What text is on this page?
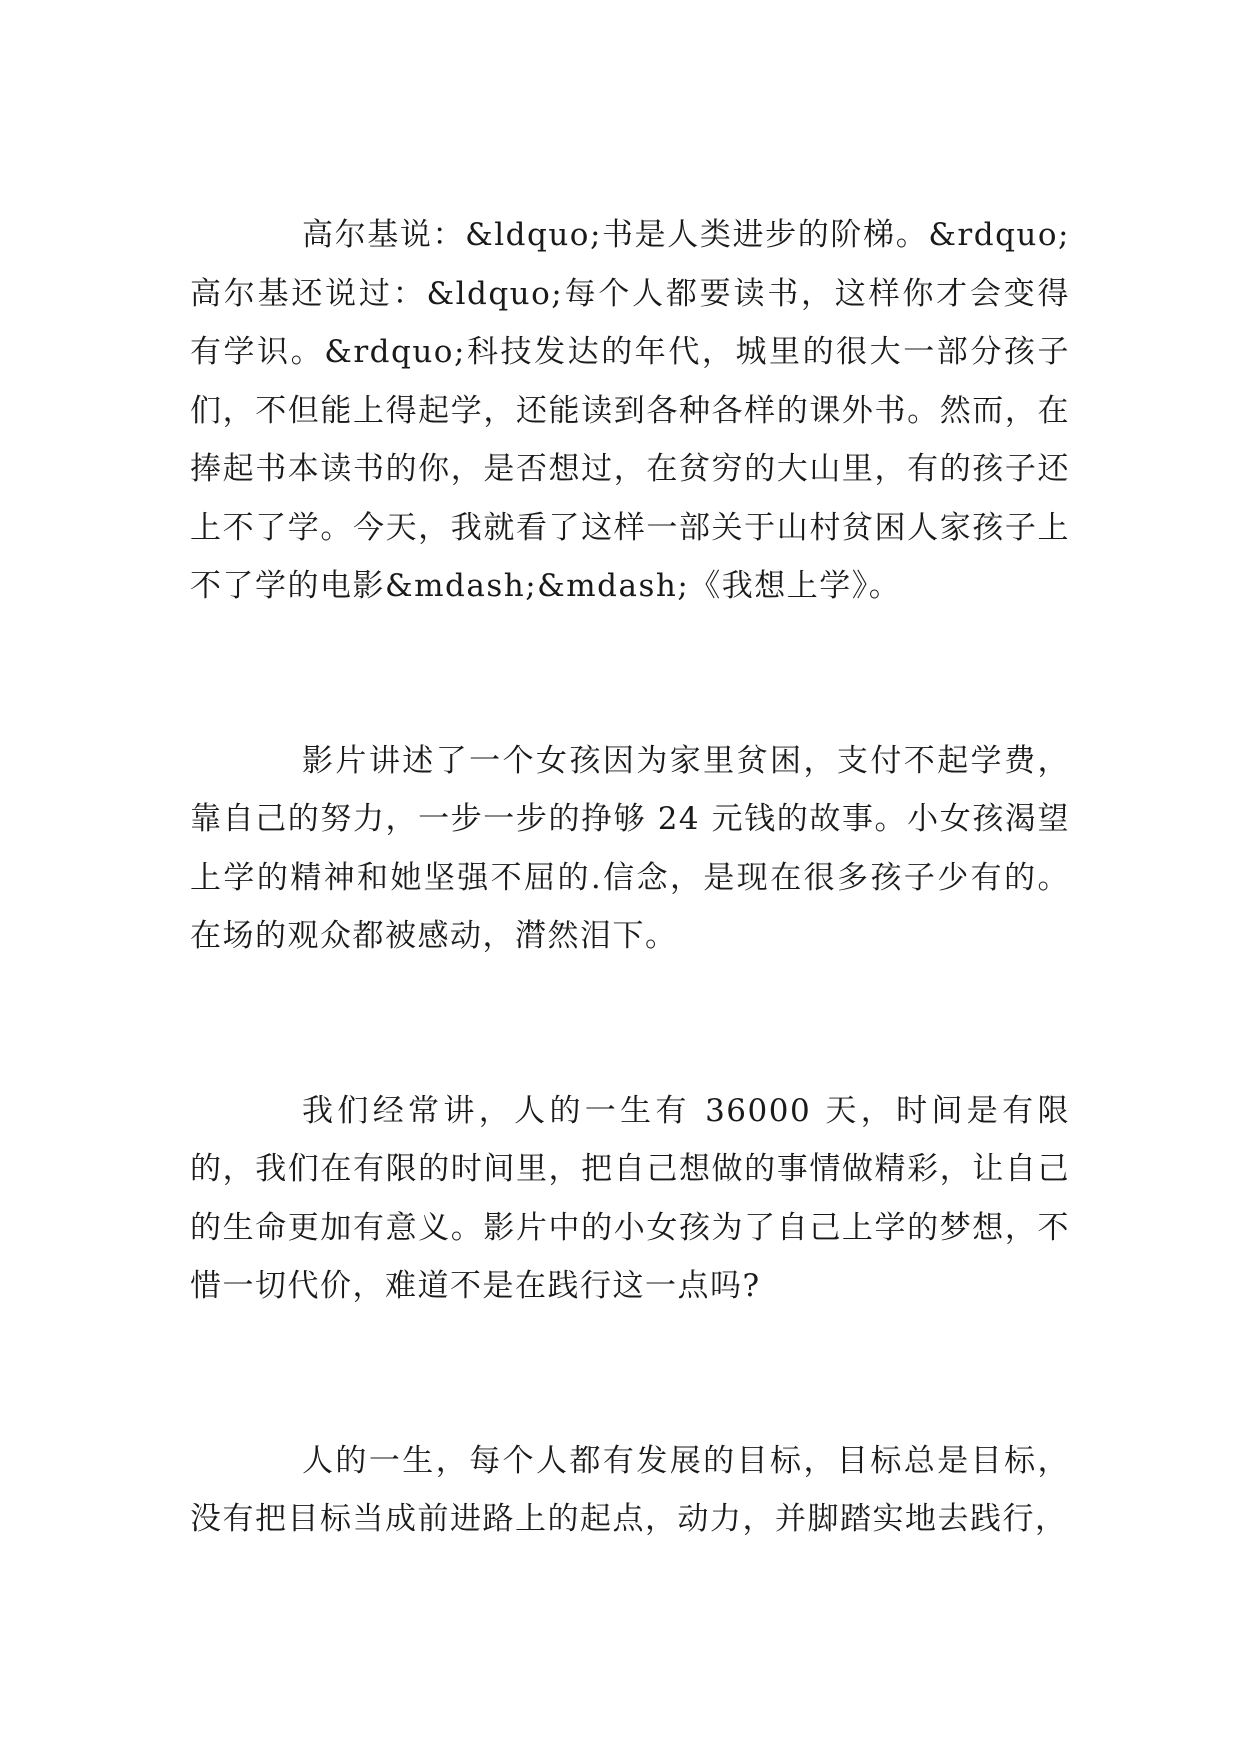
高尔基说：&ldquo;书是人类进步的阶梯。&rdquo;高尔基还说过：&ldquo;每个人都要读书，这样你才会变得有学识。&rdquo;科技发达的年代，城里的很大一部分孩子们，不但能上得起学，还能读到各种各样的课外书。然而，在捧起书本读书的你，是否想过，在贫穷的大山里，有的孩子还上不了学。今天，我就看了这样一部关于山村贫困人家孩子上不了学的电影&mdash;&mdash;《我想上学》。

影片讲述了一个女孩因为家里贫困，支付不起学费，靠自己的努力，一步一步的挣够 24 元钱的故事。小女孩渴望上学的精神和她坚强不屈的.信念，是现在很多孩子少有的。在场的观众都被感动，潸然泪下。

我们经常讲，人的一生有 36000 天，时间是有限的，我们在有限的时间里，把自己想做的事情做精彩，让自己的生命更加有意义。影片中的小女孩为了自己上学的梦想，不惜一切代价，难道不是在践行这一点吗?

人的一生，每个人都有发展的目标，目标总是目标，没有把目标当成前进路上的起点，动力，并脚踏实地去践行，
